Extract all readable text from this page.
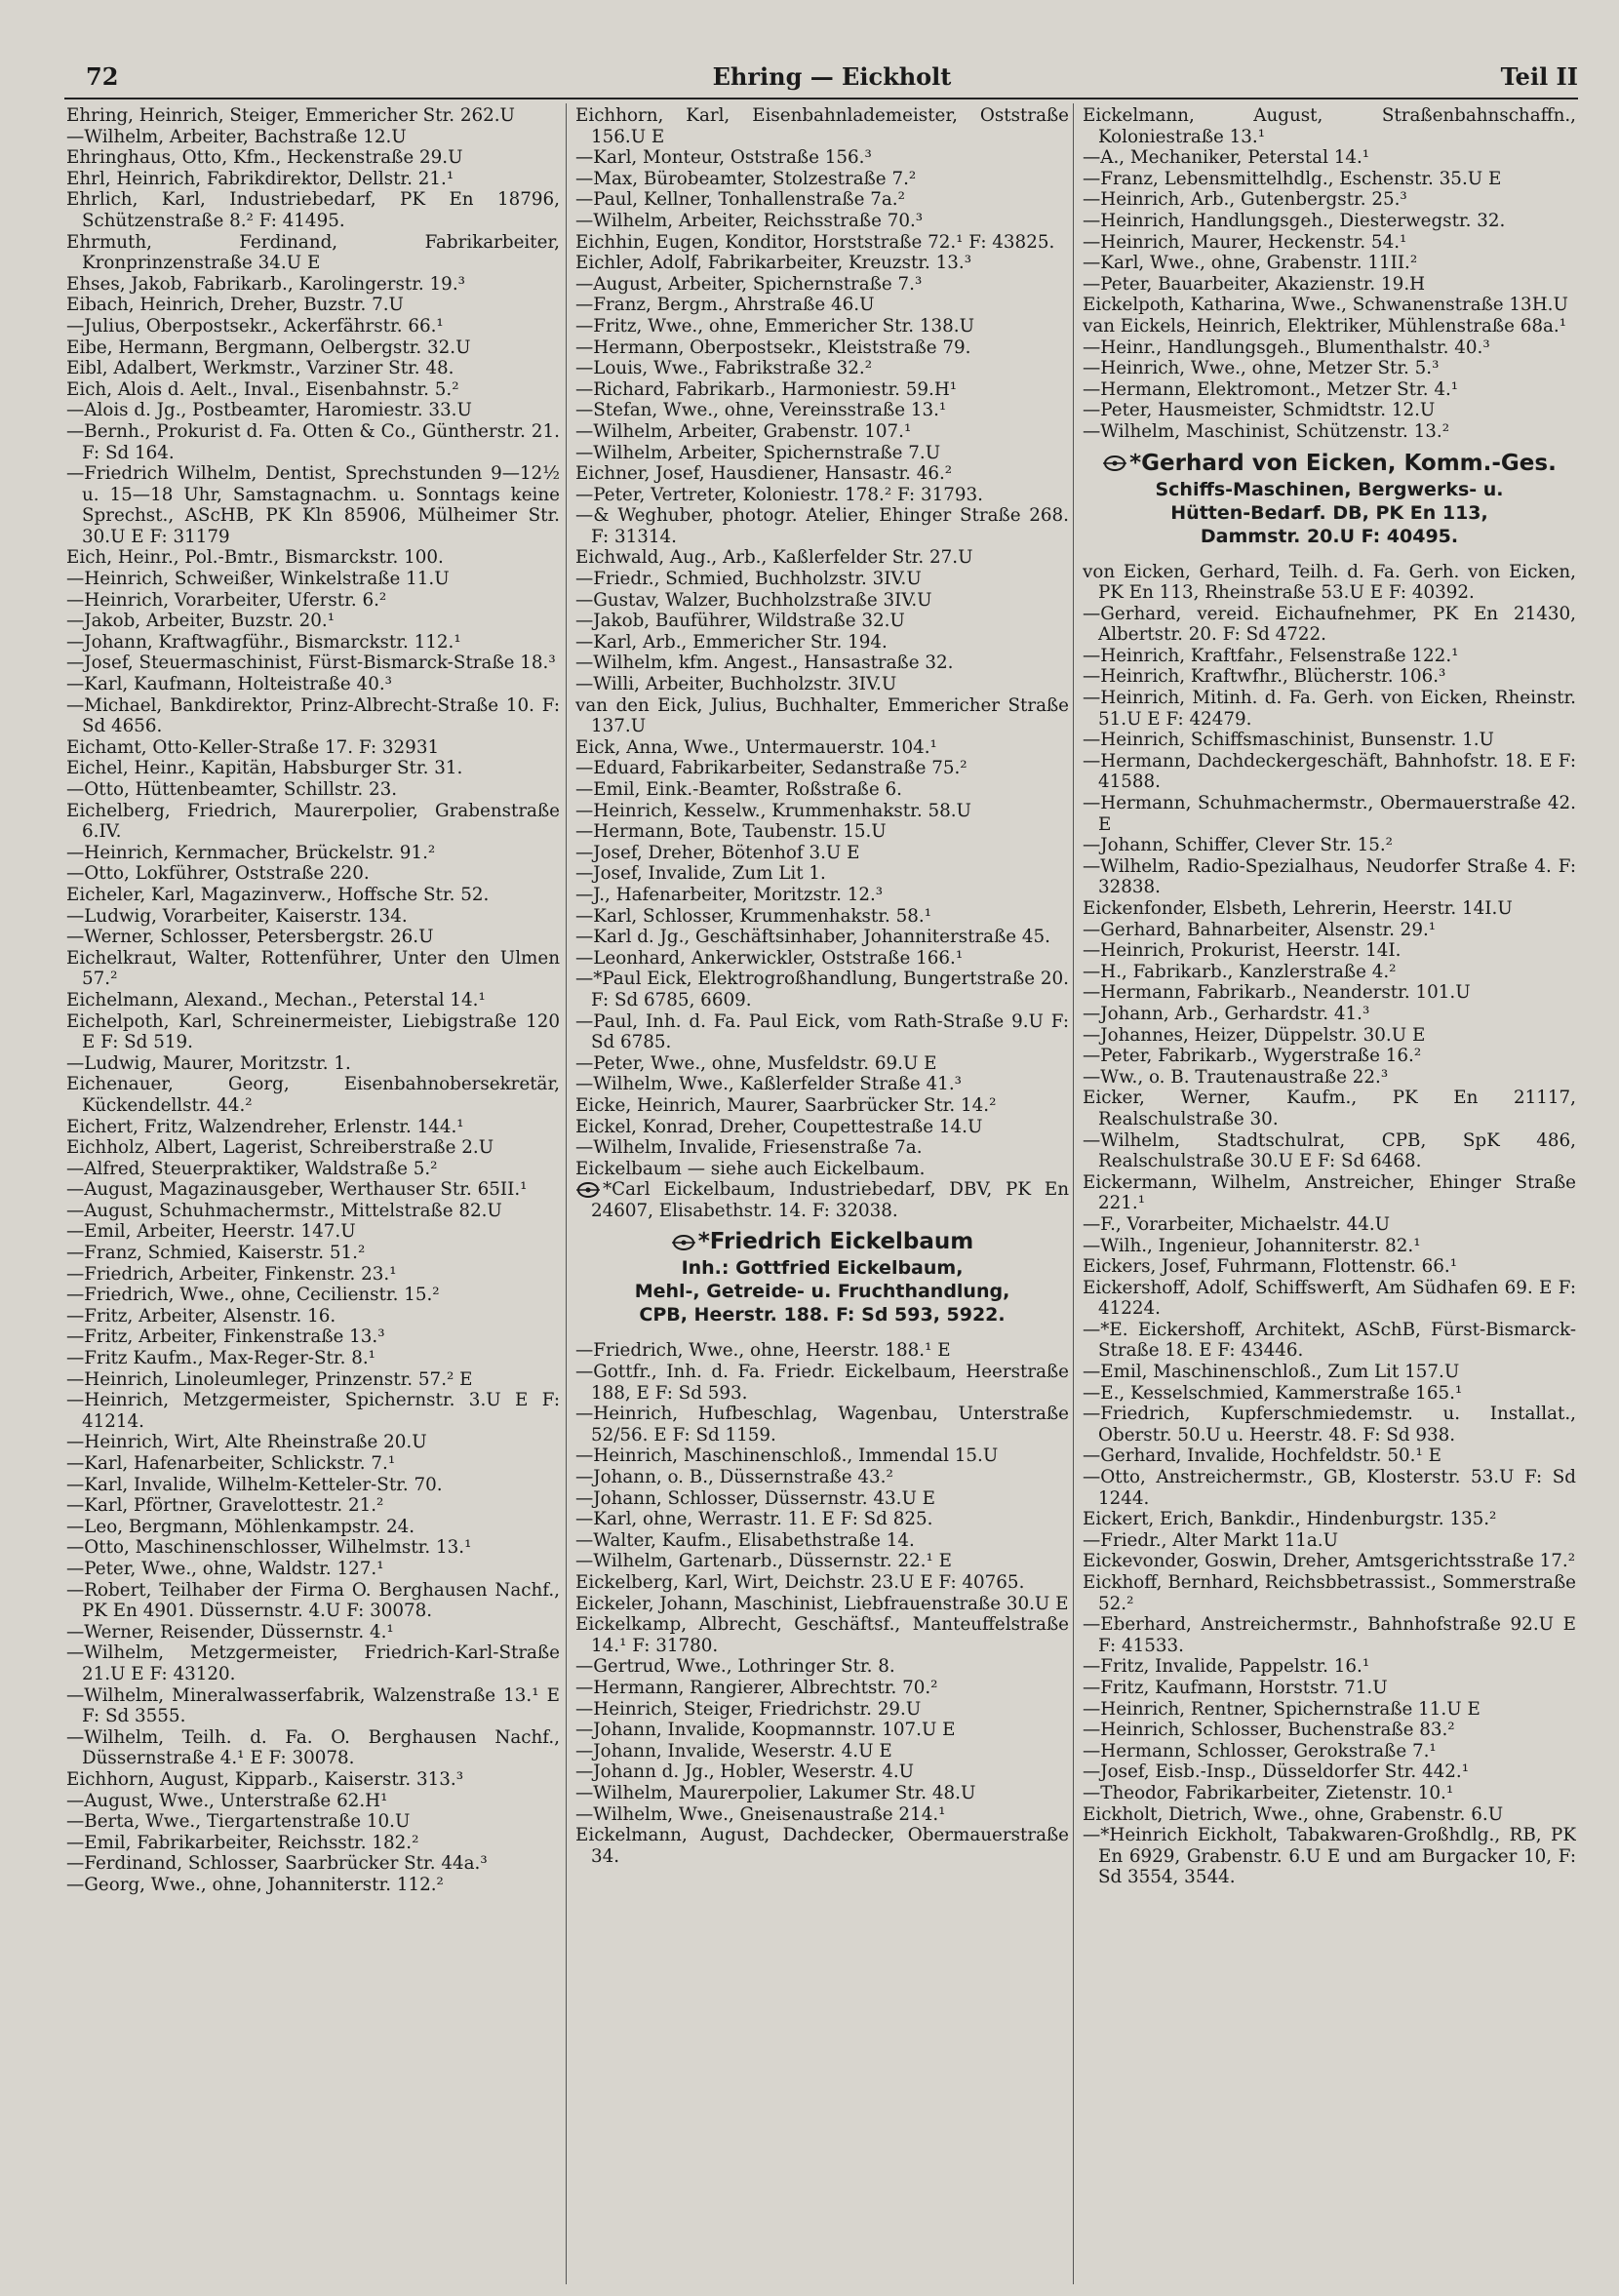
72	Ehring — Eickholt	Teil II

Ehring, Heinrich, Steiger, Emmericher Str. 262.U

—Wilhelm, Arbeiter, Bachstraße 12.U

Ehringhaus, Otto, Kfm., Heckenstraße 29.U

Ehrl, Heinrich, Fabrikdirektor, Dellstr. 21.¹

Ehrlich, Karl, Industriebedarf, PK En 18796, Schützenstraße 8.² F: 41495.

Ehrmuth, Ferdinand, Fabrikarbeiter, Kronprinzenstraße 34.U E

Ehses, Jakob, Fabrikarb., Karolingerstr. 19.³

Eibach, Heinrich, Dreher, Buzstr. 7.U

—Julius, Oberpostsekr., Ackerfährstr. 66.¹

Eibe, Hermann, Bergmann, Oelbergstr. 32.U

Eibl, Adalbert, Werkmstr., Varziner Str. 48.

Eich, Alois d. Aelt., Inval., Eisenbahnstr. 5.²

—Alois d. Jg., Postbeamter, Haromiestr. 33.U

—Bernh., Prokurist d. Fa. Otten & Co., Güntherstr. 21. F: Sd 164.

—Friedrich Wilhelm, Dentist, Sprechstunden 9—12½ u. 15—18 Uhr, Samstagnachm. u. Sonntags keine Sprechst., AScHB, PK Kln 85906, Mülheimer Str. 30.U E F: 31179

Eich, Heinr., Pol.-Bmtr., Bismarckstr. 100.

—Heinrich, Schweißer, Winkelstraße 11.U

—Heinrich, Vorarbeiter, Uferstr. 6.²

—Jakob, Arbeiter, Buzstr. 20.¹

—Johann, Kraftwagführ., Bismarckstr. 112.¹

—Josef, Steuermaschinist, Fürst-Bismarck-Straße 18.³

—Karl, Kaufmann, Holteistraße 40.³

—Michael, Bankdirektor, Prinz-Albrecht-Straße 10. F: Sd 4656.

Eichamt, Otto-Keller-Straße 17. F: 32931

Eichel, Heinr., Kapitän, Habsburger Str. 31.

—Otto, Hüttenbeamter, Schillstr. 23.

Eichelberg, Friedrich, Maurerpolier, Grabenstraße 6.IV.

—Heinrich, Kernmacher, Brückelstr. 91.²

—Otto, Lokführer, Oststraße 220.

Eicheler, Karl, Magazinverw., Hoffsche Str. 52.

—Ludwig, Vorarbeiter, Kaiserstr. 134.

—Werner, Schlosser, Petersbergstr. 26.U

Eichelkraut, Walter, Rottenführer, Unter den Ulmen 57.²

Eichelmann, Alexand., Mechan., Peterstal 14.¹

Eichelpoth, Karl, Schreinermeister, Liebigstraße 120 E F: Sd 519.

—Ludwig, Maurer, Moritzstr. 1.

Eichenauer, Georg, Eisenbahnobersekretär, Kückendellstr. 44.²

Eichert, Fritz, Walzendreher, Erlenstr. 144.¹

Eichholz, Albert, Lagerist, Schreiberstraße 2.U

—Alfred, Steuerpraktiker, Waldstraße 5.²

—August, Magazinausgeber, Werthauser Str. 65II.¹

—August, Schuhmachermstr., Mittelstraße 82.U

—Emil, Arbeiter, Heerstr. 147.U

—Franz, Schmied, Kaiserstr. 51.²

—Friedrich, Arbeiter, Finkenstr. 23.¹

—Friedrich, Wwe., ohne, Cecilienstr. 15.²

—Fritz, Arbeiter, Alsenstr. 16.

—Fritz, Arbeiter, Finkenstraße 13.³

—Fritz Kaufm., Max-Reger-Str. 8.¹

—Heinrich, Linoleumleger, Prinzenstr. 57.² E

—Heinrich, Metzgermeister, Spichernstr. 3.U E F: 41214.

—Heinrich, Wirt, Alte Rheinstraße 20.U

—Karl, Hafenarbeiter, Schlickstr. 7.¹

—Karl, Invalide, Wilhelm-Ketteler-Str. 70.

—Karl, Pförtner, Gravelottestr. 21.²

—Leo, Bergmann, Möhlenkampstr. 24.

—Otto, Maschinenschlosser, Wilhelmstr. 13.¹

—Peter, Wwe., ohne, Waldstr. 127.¹

—Robert, Teilhaber der Firma O. Berghausen Nachf., PK En 4901. Düssernstr. 4.U F: 30078.

—Werner, Reisender, Düssernstr. 4.¹

—Wilhelm, Metzgermeister, Friedrich-Karl-Straße 21.U E F: 43120.

—Wilhelm, Mineralwasserfabrik, Walzenstraße 13.¹ E F: Sd 3555.

—Wilhelm, Teilh. d. Fa. O. Berghausen Nachf., Düssernstraße 4.¹ E F: 30078.

Eichhorn, August, Kipparb., Kaiserstr. 313.³

—August, Wwe., Unterstraße 62.H¹

—Berta, Wwe., Tiergartenstraße 10.U

—Emil, Fabrikarbeiter, Reichsstr. 182.²

—Ferdinand, Schlosser, Saarbrücker Str. 44a.³

—Georg, Wwe., ohne, Johanniterstr. 112.²

Eichhorn, Karl, Eisenbahnlademeister, Oststraße 156.U E

—Karl, Monteur, Oststraße 156.³

—Max, Bürobeamter, Stolzestraße 7.²

—Paul, Kellner, Tonhallenstraße 7a.²

—Wilhelm, Arbeiter, Reichsstraße 70.³

Eichhin, Eugen, Konditor, Horststraße 72.¹ F: 43825.

Eichler, Adolf, Fabrikarbeiter, Kreuzstr. 13.³

—August, Arbeiter, Spichernstraße 7.³

—Franz, Bergm., Ahrstraße 46.U

—Fritz, Wwe., ohne, Emmericher Str. 138.U

—Hermann, Oberpostsekr., Kleiststraße 79.

—Louis, Wwe., Fabrikstraße 32.²

—Richard, Fabrikarb., Harmoniestr. 59.H¹

—Stefan, Wwe., ohne, Vereinsstraße 13.¹

—Wilhelm, Arbeiter, Grabenstr. 107.¹

—Wilhelm, Arbeiter, Spichernstraße 7.U

Eichner, Josef, Hausdiener, Hansastr. 46.²

—Peter, Vertreter, Koloniestr. 178.² F: 31793.

—& Weghuber, photogr. Atelier, Ehinger Straße 268. F: 31314.

Eichwald, Aug., Arb., Kaßlerfelder Str. 27.U

—Friedr., Schmied, Buchholzstr. 3IV.U

—Gustav, Walzer, Buchholzstraße 3IV.U

—Jakob, Bauführer, Wildstraße 32.U

—Karl, Arb., Emmericher Str. 194.

—Wilhelm, kfm. Angest., Hansastraße 32.

—Willi, Arbeiter, Buchholzstr. 3IV.U

van den Eick, Julius, Buchhalter, Emmericher Straße 137.U

Eick, Anna, Wwe., Untermauerstr. 104.¹

—Eduard, Fabrikarbeiter, Sedanstraße 75.²

—Emil, Eink.-Beamter, Roßstraße 6.

—Heinrich, Kesselw., Krummenhakstr. 58.U

—Hermann, Bote, Taubenstr. 15.U

—Josef, Dreher, Bötenhof 3.U E

—Josef, Invalide, Zum Lit 1.

—J., Hafenarbeiter, Moritzstr. 12.³

—Karl, Schlosser, Krummenhakstr. 58.¹

—Karl d. Jg., Geschäftsinhaber, Johanniterstraße 45.

—Leonhard, Ankerwickler, Oststraße 166.¹

—*Paul Eick, Elektrogroßhandlung, Bungertstraße 20. F: Sd 6785, 6609.

—Paul, Inh. d. Fa. Paul Eick, vom Rath-Straße 9.U F: Sd 6785.

—Peter, Wwe., ohne, Musfeldstr. 69.U E

—Wilhelm, Wwe., Kaßlerfelder Straße 41.³

Eicke, Heinrich, Maurer, Saarbrücker Str. 14.²

Eickel, Konrad, Dreher, Coupettestraße 14.U

—Wilhelm, Invalide, Friesenstraße 7a.

Eickelbaum — siehe auch Eickelbaum.

*Carl Eickelbaum, Industriebedarf, DBV, PK En 24607, Elisabethstr. 14. F: 32038.

*Friedrich Eickelbaum
Inh.: Gottfried Eickelbaum,
Mehl-, Getreide- u. Fruchthandlung,
CPB, Heerstr. 188. F: Sd 593, 5922.

—Friedrich, Wwe., ohne, Heerstr. 188.¹ E

—Gottfr., Inh. d. Fa. Friedr. Eickelbaum, Heerstraße 188, E F: Sd 593.

—Heinrich, Hufbeschlag, Wagenbau, Unterstraße 52/56. E F: Sd 1159.

—Heinrich, Maschinenschloß., Immendal 15.U

—Johann, o. B., Düssernstraße 43.²

—Johann, Schlosser, Düssernstr. 43.U E

—Karl, ohne, Werrastr. 11. E F: Sd 825.

—Walter, Kaufm., Elisabethstraße 14.

—Wilhelm, Gartenarb., Düssernstr. 22.¹ E

Eickelberg, Karl, Wirt, Deichstr. 23.U E F: 40765.

Eickeler, Johann, Maschinist, Liebfrauenstraße 30.U E

Eickelkamp, Albrecht, Geschäftsf., Manteuffelstraße 14.¹ F: 31780.

—Gertrud, Wwe., Lothringer Str. 8.

—Hermann, Rangierer, Albrechtstr. 70.²

—Heinrich, Steiger, Friedrichstr. 29.U

—Johann, Invalide, Koopmannstr. 107.U E

—Johann, Invalide, Weserstr. 4.U E

—Johann d. Jg., Hobler, Weserstr. 4.U

—Wilhelm, Maurerpolier, Lakumer Str. 48.U

—Wilhelm, Wwe., Gneisenaustraße 214.¹

Eickelmann, August, Dachdecker, Obermauerstraße 34.

Eickelmann, August, Straßenbahnschaffn., Koloniestraße 13.¹

—A., Mechaniker, Peterstal 14.¹

—Franz, Lebensmittelhdlg., Eschenstr. 35.U E

—Heinrich, Arb., Gutenbergstr. 25.³

—Heinrich, Handlungsgeh., Diesterwegstr. 32.

—Heinrich, Maurer, Heckenstr. 54.¹

—Karl, Wwe., ohne, Grabenstr. 11II.²

—Peter, Bauarbeiter, Akazienstr. 19.H

Eickelpoth, Katharina, Wwe., Schwanenstraße 13H.U

van Eickels, Heinrich, Elektriker, Mühlenstraße 68a.¹

—Heinr., Handlungsgeh., Blumenthalstr. 40.³

—Heinrich, Wwe., ohne, Metzer Str. 5.³

—Hermann, Elektromont., Metzer Str. 4.¹

—Peter, Hausmeister, Schmidtstr. 12.U

—Wilhelm, Maschinist, Schützenstr. 13.²

*Gerhard von Eicken, Komm.-Ges.
Schiffs-Maschinen, Bergwerks- u.
Hütten-Bedarf. DB, PK En 113,
Dammstr. 20.U F: 40495.

von Eicken, Gerhard, Teilh. d. Fa. Gerh. von Eicken, PK En 113, Rheinstraße 53.U E F: 40392.

—Gerhard, vereid. Eichaufnehmer, PK En 21430, Albertstr. 20. F: Sd 4722.

—Heinrich, Kraftfahr., Felsenstraße 122.¹

—Heinrich, Kraftwfhr., Blücherstr. 106.³

—Heinrich, Mitinh. d. Fa. Gerh. von Eicken, Rheinstr. 51.U E F: 42479.

—Heinrich, Schiffsmaschinist, Bunsenstr. 1.U

—Hermann, Dachdeckergeschäft, Bahnhofstr. 18. E F: 41588.

—Hermann, Schuhmachermstr., Obermauerstraße 42. E

—Johann, Schiffer, Clever Str. 15.²

—Wilhelm, Radio-Spezialhaus, Neudorfer Straße 4. F: 32838.

Eickenfonder, Elsbeth, Lehrerin, Heerstr. 14I.U

—Gerhard, Bahnarbeiter, Alsenstr. 29.¹

—Heinrich, Prokurist, Heerstr. 14I.

—H., Fabrikarb., Kanzlerstraße 4.²

—Hermann, Fabrikarb., Neanderstr. 101.U

—Johann, Arb., Gerhardstr. 41.³

—Johannes, Heizer, Düppelstr. 30.U E

—Peter, Fabrikarb., Wygerstraße 16.²

—Ww., o. B. Trautenaustraße 22.³

Eicker, Werner, Kaufm., PK En 21117, Realschulstraße 30.

—Wilhelm, Stadtschulrat, CPB, SpK 486, Realschulstraße 30.U E F: Sd 6468.

Eickermann, Wilhelm, Anstreicher, Ehinger Straße 221.¹

—F., Vorarbeiter, Michaelstr. 44.U

—Wilh., Ingenieur, Johanniterstr. 82.¹

Eickers, Josef, Fuhrmann, Flottenstr. 66.¹

Eickershoff, Adolf, Schiffswerft, Am Südhafen 69. E F: 41224.

—*E. Eickershoff, Architekt, ASchB, Fürst-Bismarck-Straße 18. E F: 43446.

—Emil, Maschinenschloß., Zum Lit 157.U

—E., Kesselschmied, Kammerstraße 165.¹

—Friedrich, Kupferschmiedemstr. u. Installat., Oberstr. 50.U u. Heerstr. 48. F: Sd 938.

—Gerhard, Invalide, Hochfeldstr. 50.¹ E

—Otto, Anstreichermstr., GB, Klosterstr. 53.U F: Sd 1244.

Eickert, Erich, Bankdir., Hindenburgstr. 135.²

—Friedr., Alter Markt 11a.U

Eickevonder, Goswin, Dreher, Amtsgerichtsstraße 17.²

Eickhoff, Bernhard, Reichsbbetrassist., Sommerstraße 52.²

—Eberhard, Anstreichermstr., Bahnhofstraße 92.U E F: 41533.

—Fritz, Invalide, Pappelstr. 16.¹

—Fritz, Kaufmann, Horststr. 71.U

—Heinrich, Rentner, Spichernstraße 11.U E

—Heinrich, Schlosser, Buchenstraße 83.²

—Hermann, Schlosser, Gerokstraße 7.¹

—Josef, Eisb.-Insp., Düsseldorfer Str. 442.¹

—Theodor, Fabrikarbeiter, Zietenstr. 10.¹

Eickholt, Dietrich, Wwe., ohne, Grabenstr. 6.U

—*Heinrich Eickholt, Tabakwaren-Großhdlg., RB, PK En 6929, Grabenstr. 6.U E und am Burgacker 10, F: Sd 3554, 3544.
